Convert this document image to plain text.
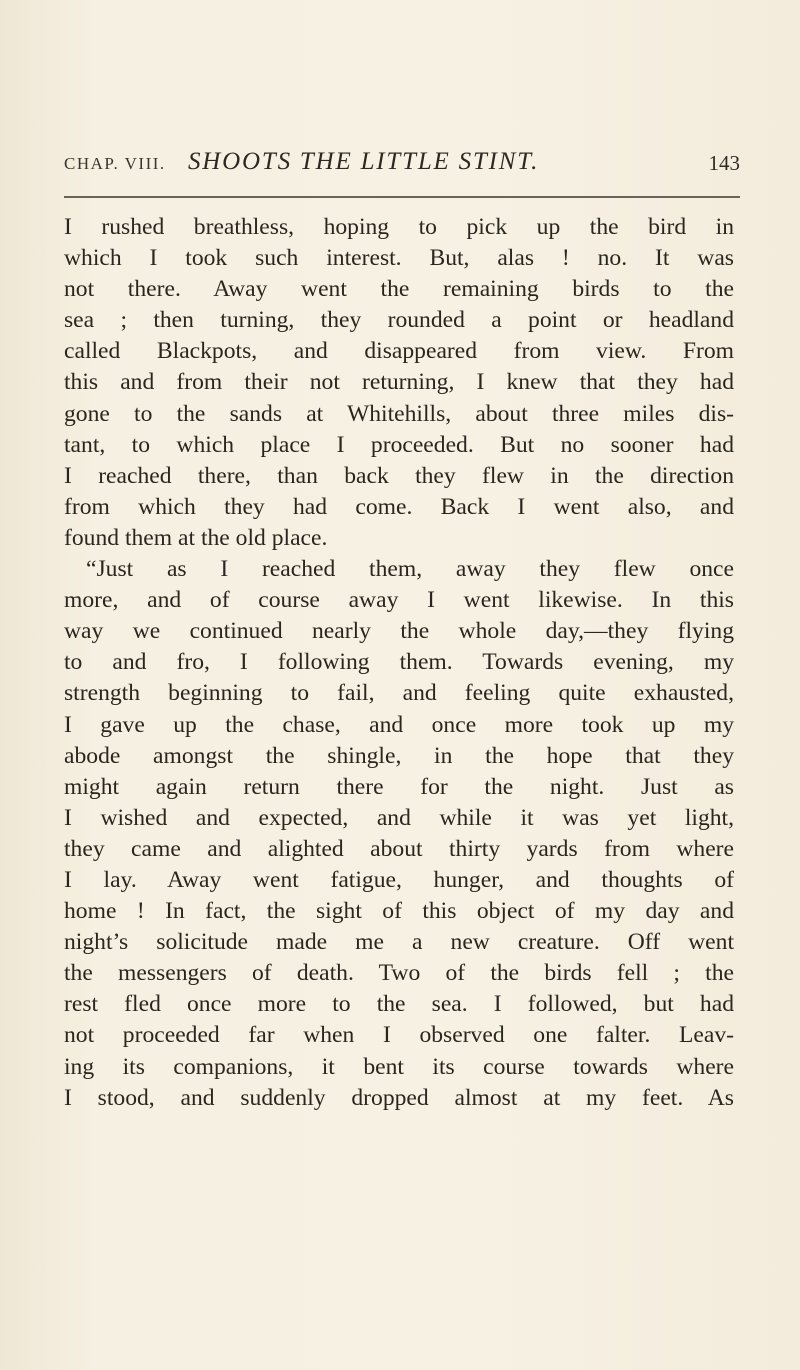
CHAP. VIII. SHOOTS THE LITTLE STINT.	143
I rushed breathless, hoping to pick up the bird in
which I took such interest. But, alas ! no. It was
not there. Away went the remaining birds to the
sea ; then turning, they rounded a point or headland
called Blackpots, and disappeared from view. From
this and from their not returning, I knew that they had
gone to the sands at Whitehills, about three miles dis-
tant, to which place I proceeded. But no sooner had
I reached there, than back they flew in the direction
from which they had come. Back I went also, and
found them at the old place.
“Just as I reached them, away they flew once
more, and of course away I went likewise. In this
way we continued nearly the whole day,—they flying
to and fro, I following them. Towards evening, my
strength beginning to fail, and feeling quite exhausted,
I gave up the chase, and once more took up my
abode amongst the shingle, in the hope that they
might again return there for the night. Just as
I wished and expected, and while it was yet light,
they came and alighted about thirty yards from where
I lay. Away went fatigue, hunger, and thoughts of
home ! In fact, the sight of this object of my day and
night’s solicitude made me a new creature. Off went
the messengers of death. Two of the birds fell ; the
rest fled once more to the sea. I followed, but had
not proceeded far when I observed one falter. Leav-
ing its companions, it bent its course towards where
I stood, and suddenly dropped almost at my feet. As
